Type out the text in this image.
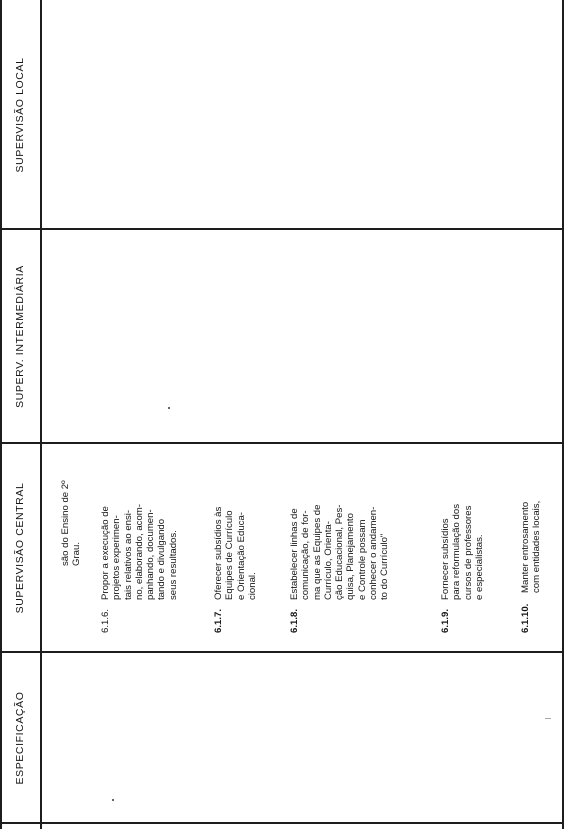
ESPECIFICAÇÃO
SUPERVISÃO CENTRAL
SUPERV. INTERMEDIÁRIA
SUPERVISÃO LOCAL
são do Ensino de 2º Grau.
6.1.6.
Propor a execução de projetos experimen- tais relativos ao ensi- no, elaborando, acom- panhando, documen- tando e divulgando seus resultados.
6.1.7.
Oferecer subsídios às Equipes de Currículo e Orientação Educa- cional.
6.1.8.
Estabelecer linhas de comunicação, de for- ma que as Equipes de Currículo, Orienta- ção Educacional, Pes- quisa, Planejamento e Controle possam conhecer o andamen- to do Currículo"
6.1.9.
Fornecer subsídios para reformulação dos cursos de professores e especialistas.
6.1.10.
Manter entrosamento com entidades locais,
